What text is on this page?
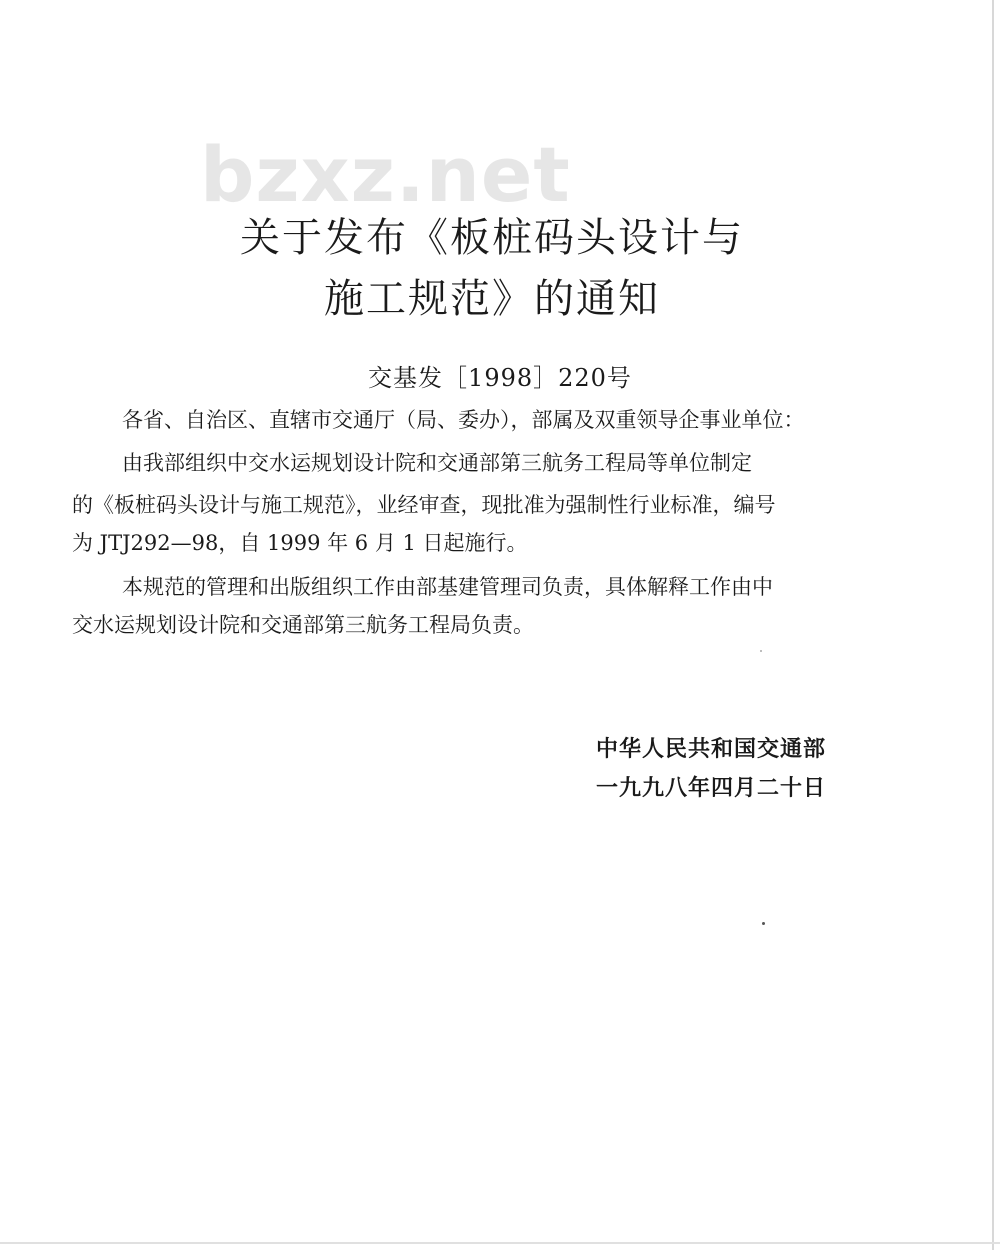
bzxz.net
关于发布《板桩码头设计与
施工规范》的通知
交基发［1998］220号
各省、自治区、直辖市交通厅（局、委办），部属及双重领导企事业单位：
由我部组织中交水运规划设计院和交通部第三航务工程局等单位制定
的《板桩码头设计与施工规范》，业经审查，现批准为强制性行业标准，编号
为 JTJ292—98，自 1999 年 6 月 1 日起施行。
本规范的管理和出版组织工作由部基建管理司负责，具体解释工作由中
交水运规划设计院和交通部第三航务工程局负责。
中华人民共和国交通部
一九九八年四月二十日
